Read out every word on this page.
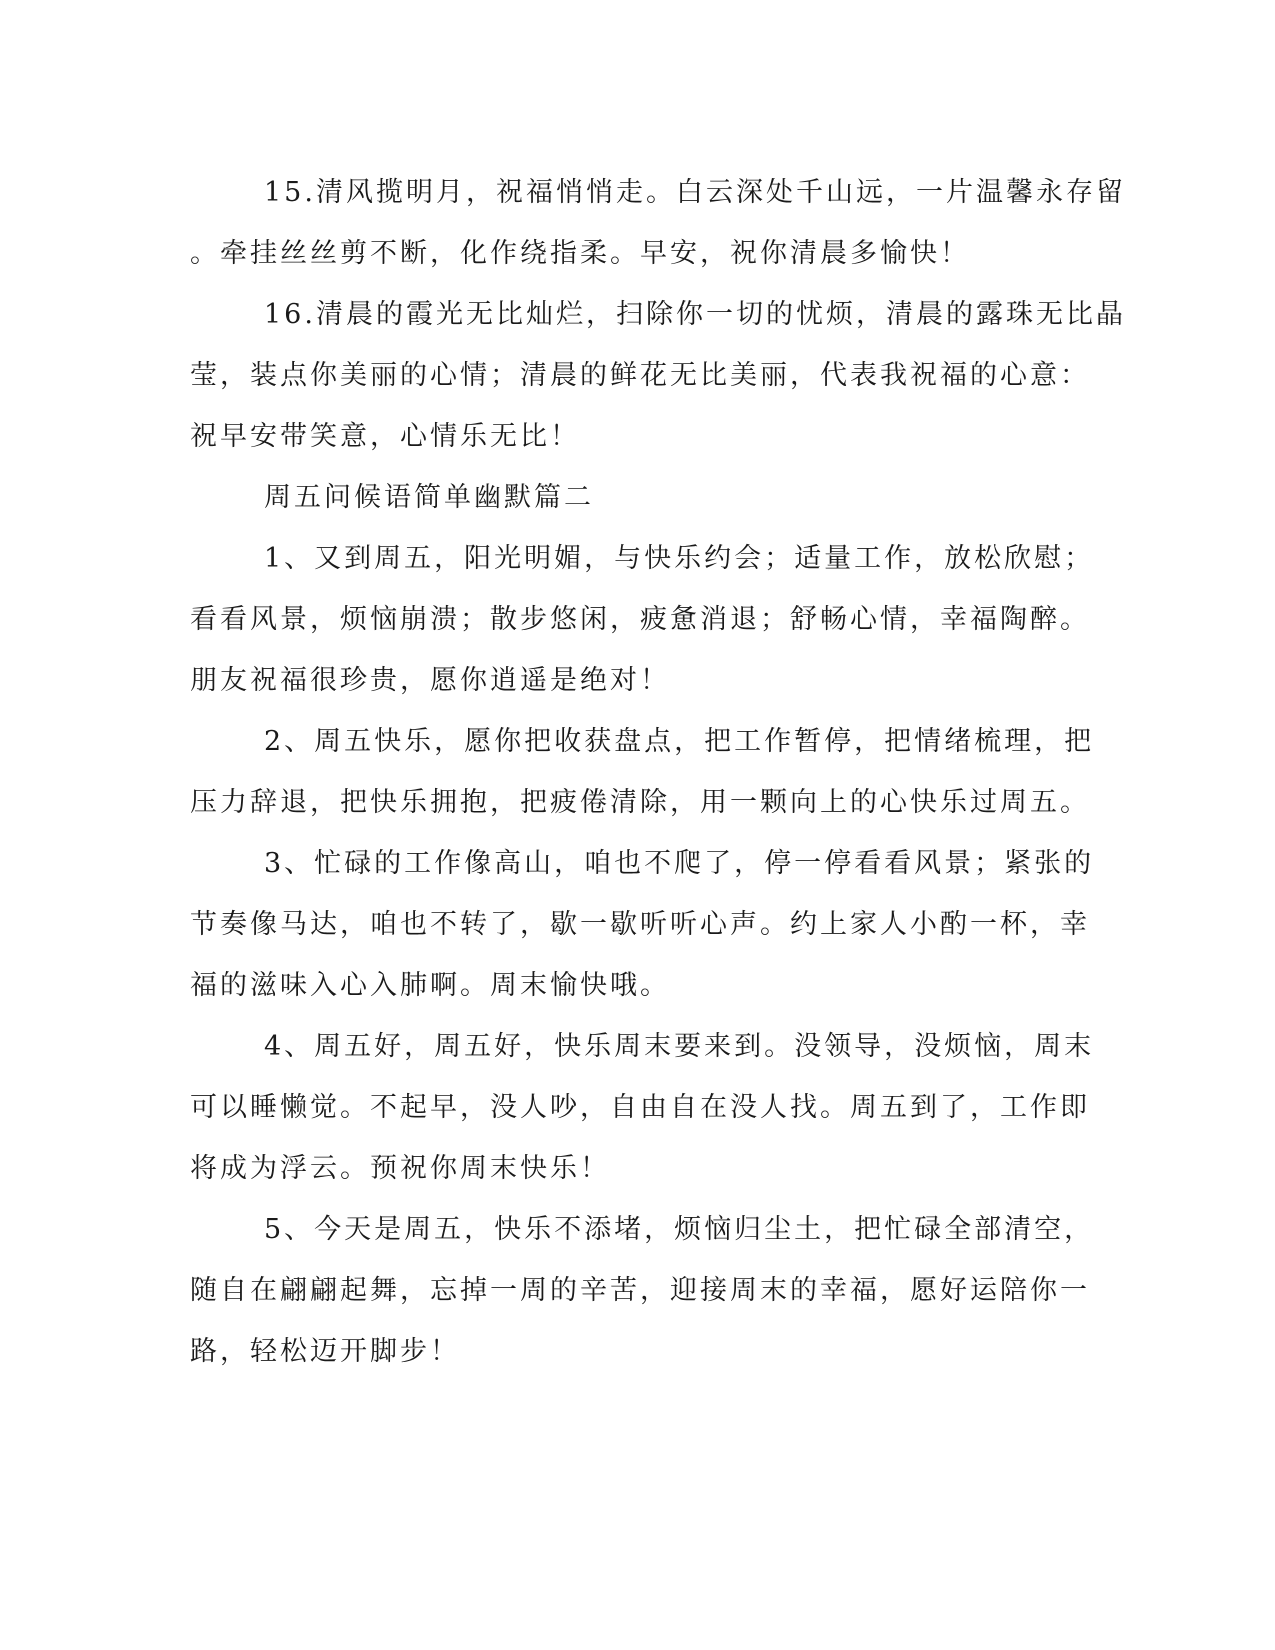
15.清风揽明月，祝福悄悄走。白云深处千山远，一片温馨永存留
。牵挂丝丝剪不断，化作绕指柔。早安，祝你清晨多愉快！
16.清晨的霞光无比灿烂，扫除你一切的忧烦，清晨的露珠无比晶
莹，装点你美丽的心情；清晨的鲜花无比美丽，代表我祝福的心意：
祝早安带笑意，心情乐无比！
周五问候语简单幽默篇二
1、又到周五，阳光明媚，与快乐约会；适量工作，放松欣慰；
看看风景，烦恼崩溃；散步悠闲，疲惫消退；舒畅心情，幸福陶醉。
朋友祝福很珍贵，愿你逍遥是绝对！
2、周五快乐，愿你把收获盘点，把工作暂停，把情绪梳理，把
压力辞退，把快乐拥抱，把疲倦清除，用一颗向上的心快乐过周五。
3、忙碌的工作像高山，咱也不爬了，停一停看看风景；紧张的
节奏像马达，咱也不转了，歇一歇听听心声。约上家人小酌一杯，幸
福的滋味入心入肺啊。周末愉快哦。
4、周五好，周五好，快乐周末要来到。没领导，没烦恼，周末
可以睡懒觉。不起早，没人吵，自由自在没人找。周五到了，工作即
将成为浮云。预祝你周末快乐！
5、今天是周五，快乐不添堵，烦恼归尘土，把忙碌全部清空，
随自在翩翩起舞，忘掉一周的辛苦，迎接周末的幸福，愿好运陪你一
路，轻松迈开脚步！
